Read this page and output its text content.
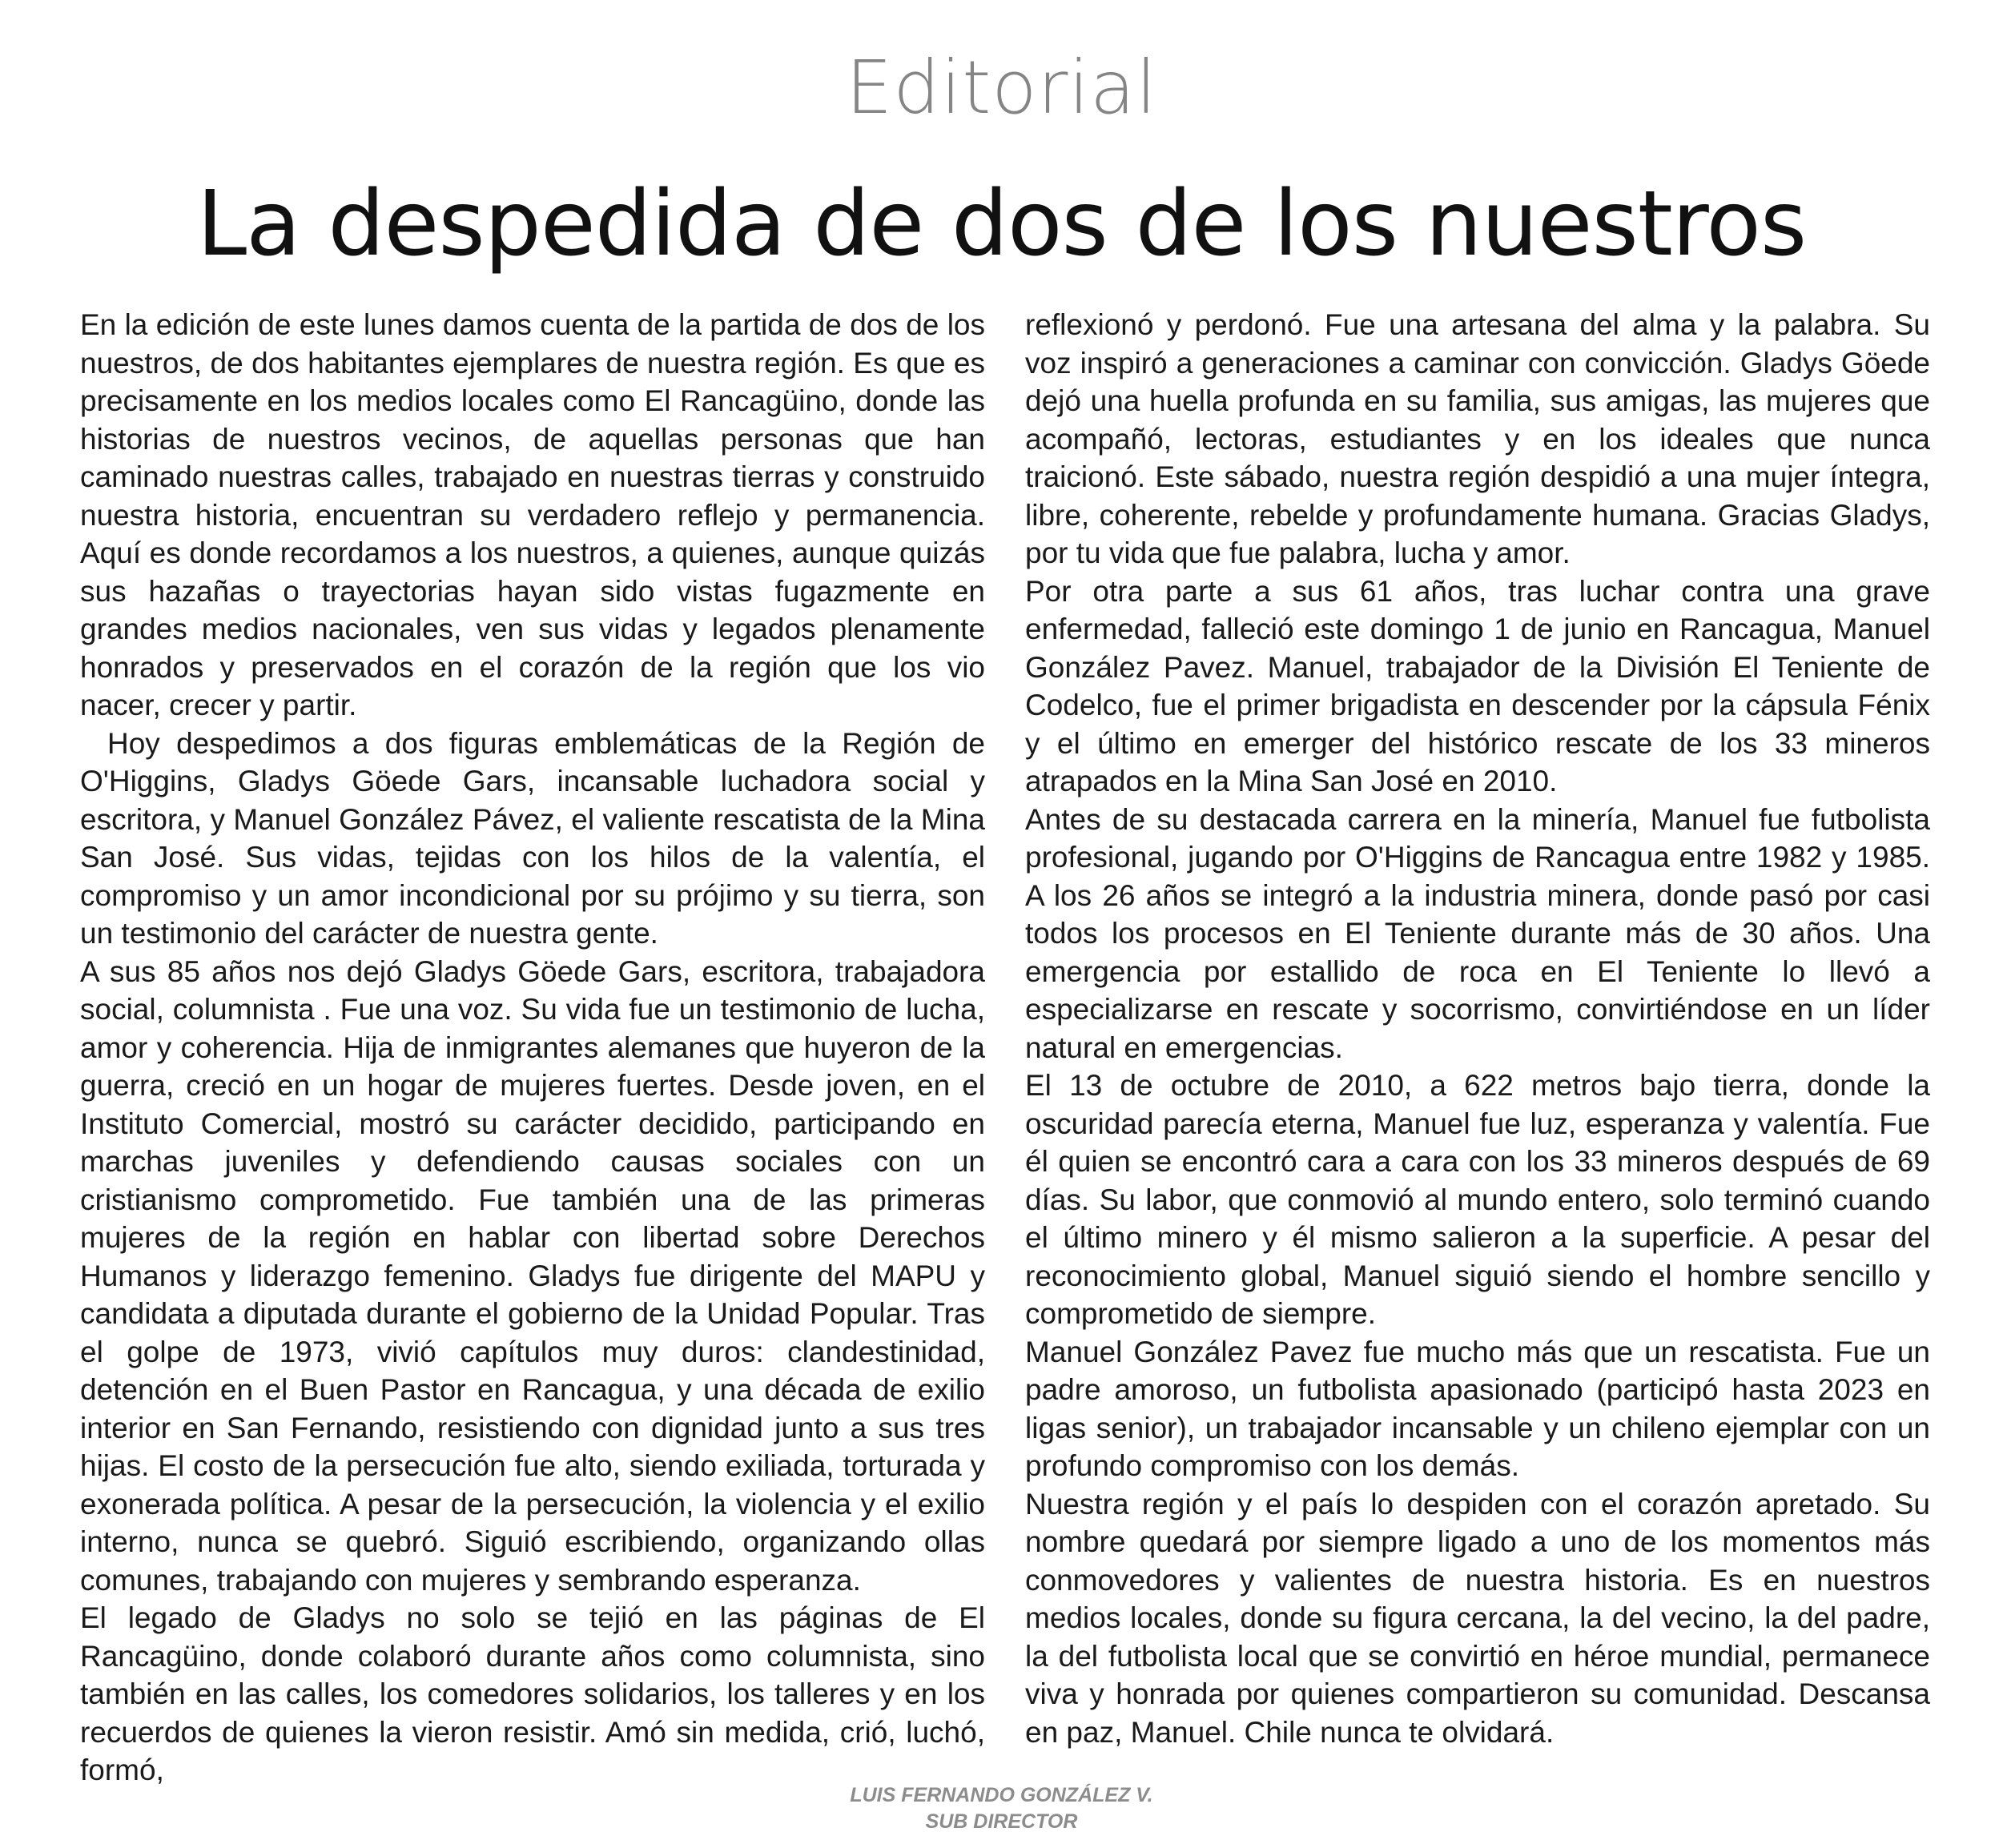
Editorial
La despedida de dos de los nuestros

En la edición de este lunes damos cuenta de la partida de dos de los nuestros, de dos habitantes ejemplares de nuestra región. Es que es precisamente en los medios locales como El Rancagüino, donde las historias de nuestros vecinos, de aquellas personas que han caminado nuestras calles, trabajado en nuestras tierras y construido nuestra historia, encuentran su verdadero reflejo y permanencia. Aquí es donde recordamos a los nuestros, a quienes, aunque quizás sus hazañas o trayectorias hayan sido vistas fugazmente en grandes medios nacionales, ven sus vidas y legados plenamente honrados y preservados en el corazón de la región que los vio nacer, crecer y partir.

Hoy despedimos a dos figuras emblemáticas de la Región de O'Higgins, Gladys Göede Gars, incansable luchadora social y escritora, y Manuel González Pávez, el valiente rescatista de la Mina San José. Sus vidas, tejidas con los hilos de la valentía, el compromiso y un amor incondicional por su prójimo y su tierra, son un testimonio del carácter de nuestra gente.

A sus 85 años nos dejó Gladys Göede Gars, escritora, trabajadora social, columnista . Fue una voz. Su vida fue un testimonio de lucha, amor y coherencia. Hija de inmigrantes alemanes que huyeron de la guerra, creció en un hogar de mujeres fuertes. Desde joven, en el Instituto Comercial, mostró su carácter decidido, participando en marchas juveniles y defendiendo causas sociales con un cristianismo comprometido. Fue también una de las primeras mujeres de la región en hablar con libertad sobre Derechos Humanos y liderazgo femenino. Gladys fue dirigente del MAPU y candidata a diputada durante el gobierno de la Unidad Popular. Tras el golpe de 1973, vivió capítulos muy duros: clandestinidad, detención en el Buen Pastor en Rancagua, y una década de exilio interior en San Fernando, resistiendo con dignidad junto a sus tres hijas. El costo de la persecución fue alto, siendo exiliada, torturada y exonerada política. A pesar de la persecución, la violencia y el exilio interno, nunca se quebró. Siguió escribiendo, organizando ollas comunes, trabajando con mujeres y sembrando esperanza.

El legado de Gladys no solo se tejió en las páginas de El Rancagüino, donde colaboró durante años como columnista, sino también en las calles, los comedores solidarios, los talleres y en los recuerdos de quienes la vieron resistir. Amó sin medida, crió, luchó, formó,

reflexionó y perdonó. Fue una artesana del alma y la palabra. Su voz inspiró a generaciones a caminar con convicción. Gladys Göede dejó una huella profunda en su familia, sus amigas, las mujeres que acompañó, lectoras, estudiantes y en los ideales que nunca traicionó. Este sábado, nuestra región despidió a una mujer íntegra, libre, coherente, rebelde y profundamente humana. Gracias Gladys, por tu vida que fue palabra, lucha y amor.

Por otra parte a sus 61 años, tras luchar contra una grave enfermedad, falleció este domingo 1 de junio en Rancagua, Manuel González Pavez. Manuel, trabajador de la División El Teniente de Codelco, fue el primer brigadista en descender por la cápsula Fénix y el último en emerger del histórico rescate de los 33 mineros atrapados en la Mina San José en 2010.

Antes de su destacada carrera en la minería, Manuel fue futbolista profesional, jugando por O'Higgins de Rancagua entre 1982 y 1985. A los 26 años se integró a la industria minera, donde pasó por casi todos los procesos en El Teniente durante más de 30 años. Una emergencia por estallido de roca en El Teniente lo llevó a especializarse en rescate y socorrismo, convirtiéndose en un líder natural en emergencias.

El 13 de octubre de 2010, a 622 metros bajo tierra, donde la oscuridad parecía eterna, Manuel fue luz, esperanza y valentía. Fue él quien se encontró cara a cara con los 33 mineros después de 69 días. Su labor, que conmovió al mundo entero, solo terminó cuando el último minero y él mismo salieron a la superficie. A pesar del reconocimiento global, Manuel siguió siendo el hombre sencillo y comprometido de siempre.

Manuel González Pavez fue mucho más que un rescatista. Fue un padre amoroso, un futbolista apasionado (participó hasta 2023 en ligas senior), un trabajador incansable y un chileno ejemplar con un profundo compromiso con los demás.

Nuestra región y el país lo despiden con el corazón apretado. Su nombre quedará por siempre ligado a uno de los momentos más conmovedores y valientes de nuestra historia. Es en nuestros medios locales, donde su figura cercana, la del vecino, la del padre, la del futbolista local que se convirtió en héroe mundial, permanece viva y honrada por quienes compartieron su comunidad. Descansa en paz, Manuel. Chile nunca te olvidará.

LUIS FERNANDO GONZÁLEZ V.
SUB DIRECTOR
